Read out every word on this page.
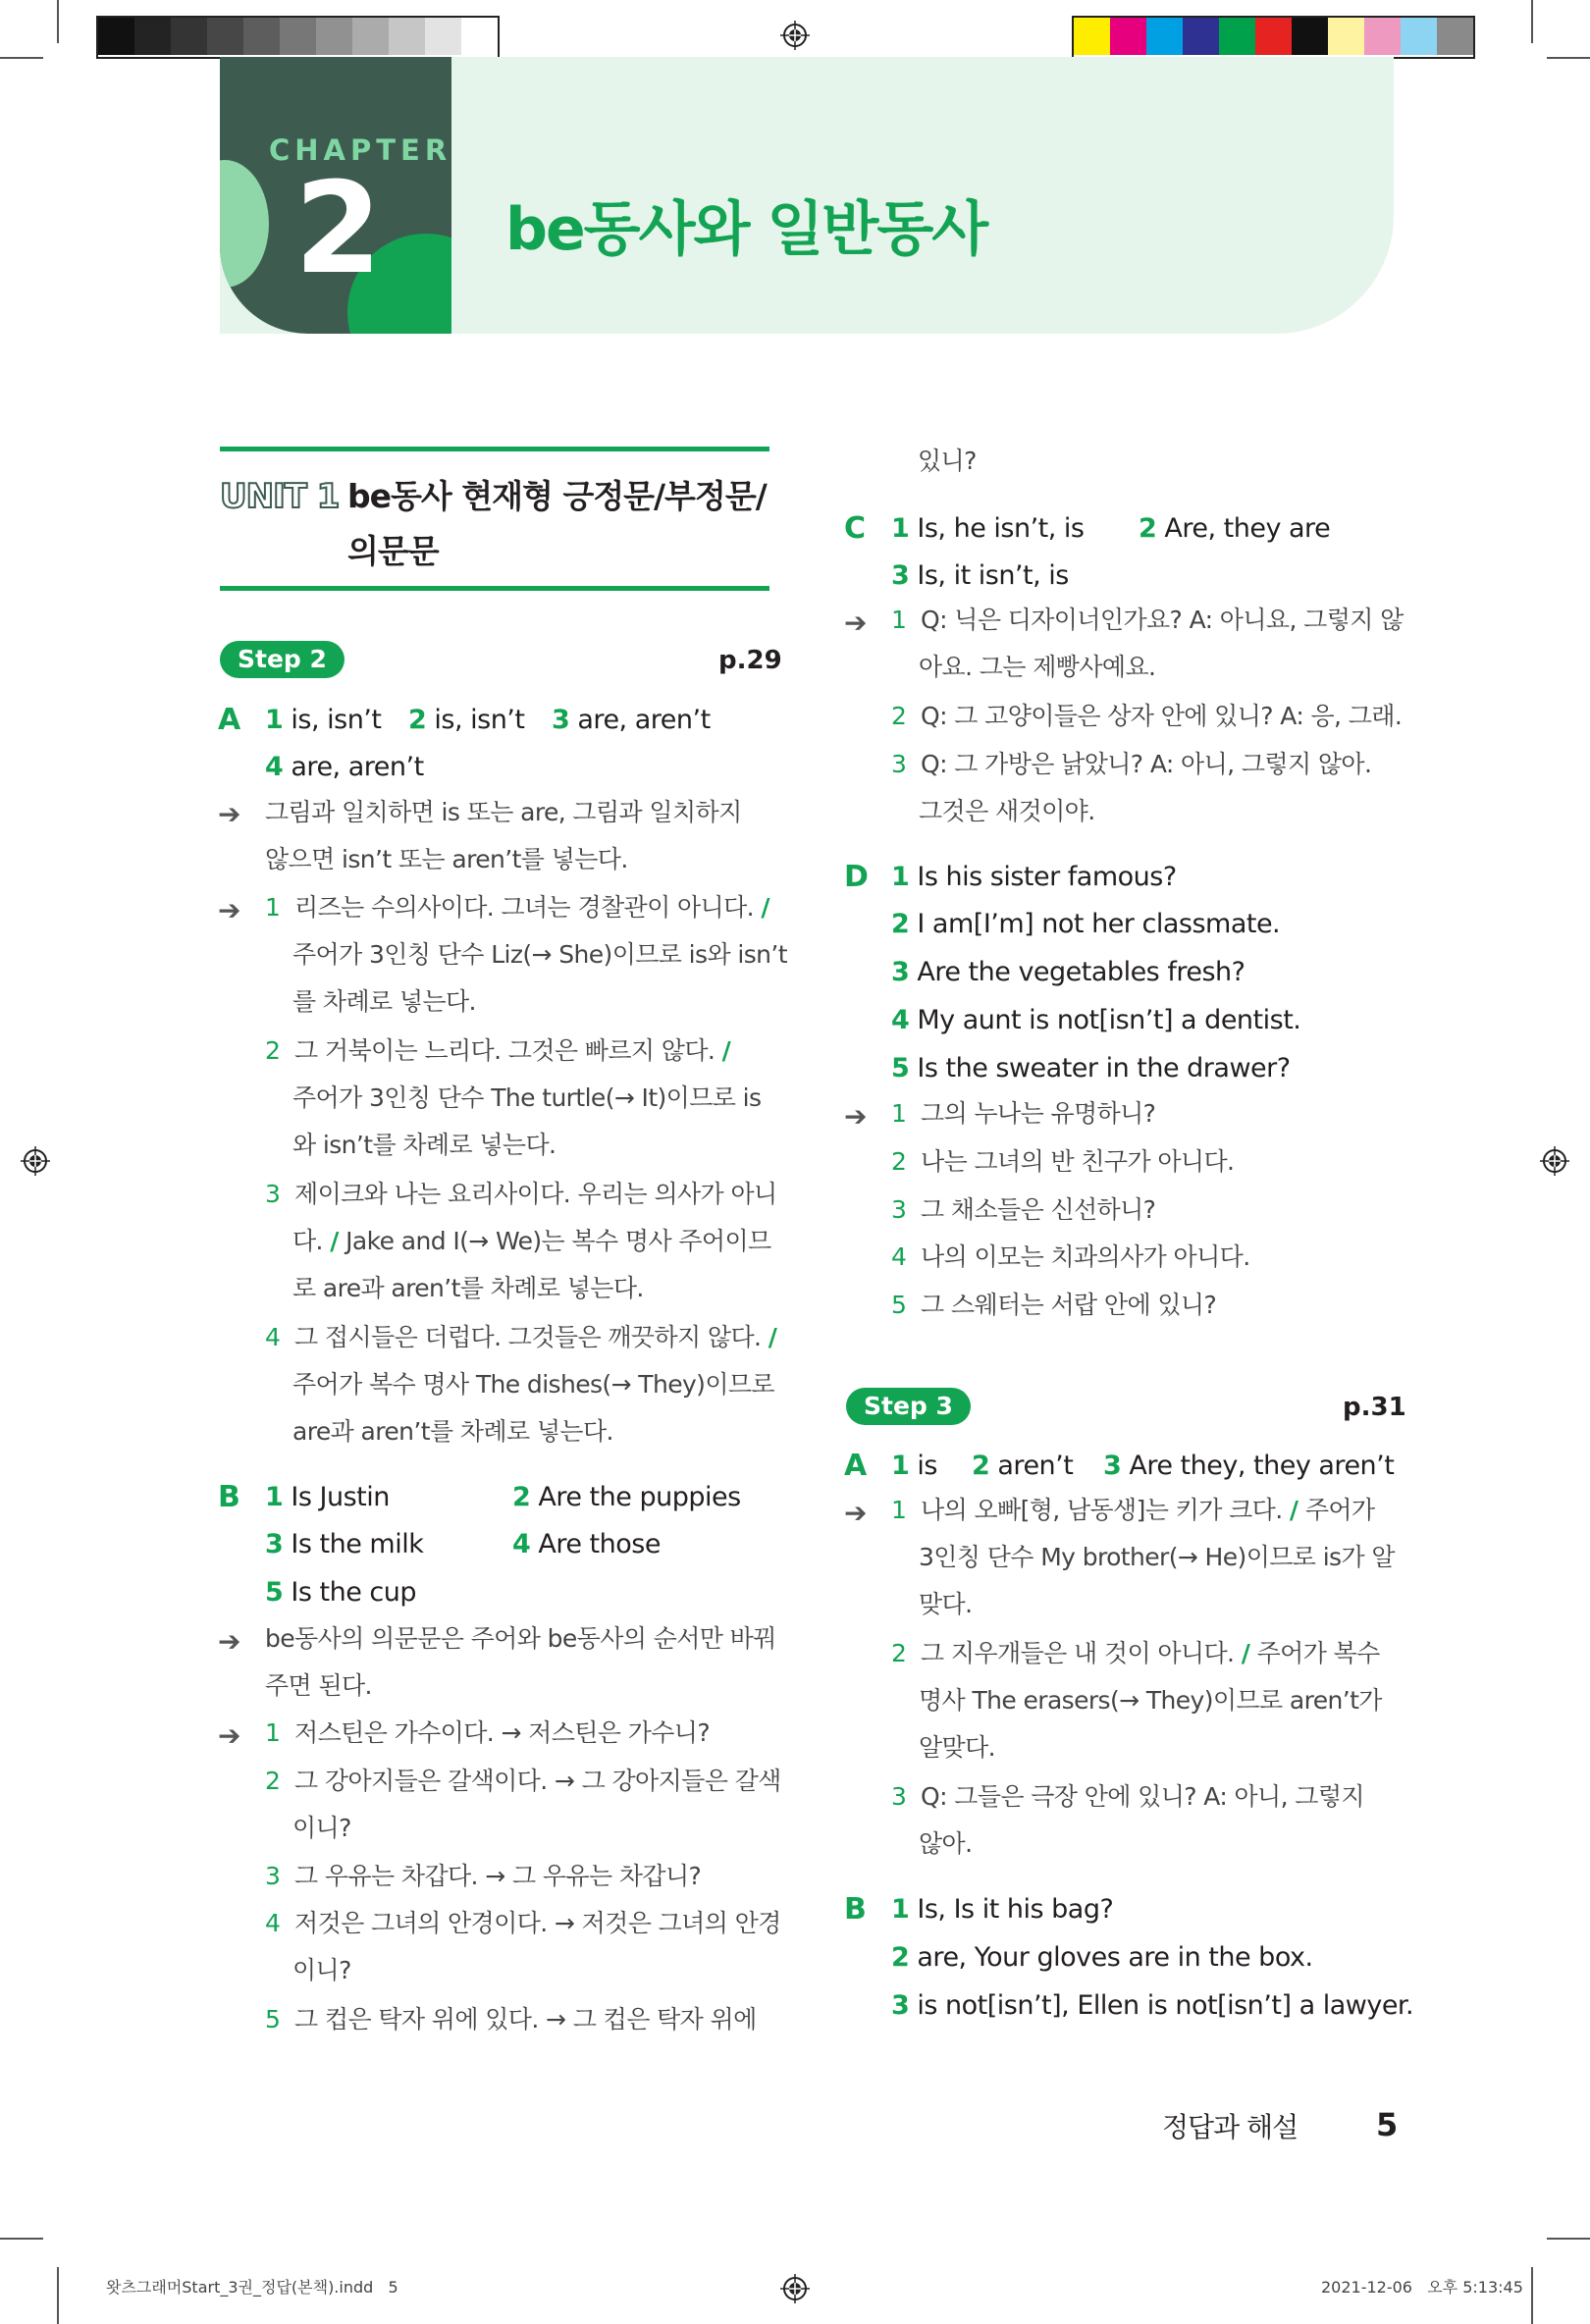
CHAPTER
2 be동사와 일반동사
UNIT 1 be동사 현재형 긍정문/부정문/
의문문
Step 2	p.29
A 1 is, isn’t 2 is, isn’t 3 are, aren’t
4 are, aren’t
➔ 그림과 일치하면 is 또는 are, 그림과 일치하지
않으면 isn’t 또는 aren’t를 넣는다.
➔ 1 리즈는 수의사이다. 그녀는 경찰관이 아니다. /
주어가 3인칭 단수 Liz(→ She)이므로 is와 isn’t
를 차례로 넣는다.
2 그 거북이는 느리다. 그것은 빠르지 않다. /
주어가 3인칭 단수 The turtle(→ It)이므로 is
와 isn’t를 차례로 넣는다.
3 제이크와 나는 요리사이다. 우리는 의사가 아니
다. / Jake and I(→ We)는 복수 명사 주어이므
로 are과 aren’t를 차례로 넣는다.
4 그 접시들은 더럽다. 그것들은 깨끗하지 않다. /
주어가 복수 명사 The dishes(→ They)이므로
are과 aren’t를 차례로 넣는다.
B 1 Is Justin	2 Are the puppies
3 Is the milk	4 Are those
5 Is the cup
➔ be동사의 의문문은 주어와 be동사의 순서만 바꿔
주면 된다.
➔ 1 저스틴은 가수이다. → 저스틴은 가수니?
2 그 강아지들은 갈색이다. → 그 강아지들은 갈색
이니?
3 그 우유는 차갑다. → 그 우유는 차갑니?
4 저것은 그녀의 안경이다. → 저것은 그녀의 안경
이니?
5 그 컵은 탁자 위에 있다. → 그 컵은 탁자 위에
있니?
C 1 Is, he isn’t, is 2 Are, they are
3 Is, it isn’t, is
➔ 1 Q: 닉은 디자이너인가요? A: 아니요, 그렇지 않
아요. 그는 제빵사예요.
2 Q: 그 고양이들은 상자 안에 있니? A: 응, 그래.
3 Q: 그 가방은 낡았니? A: 아니, 그렇지 않아.
그것은 새것이야.
D 1 Is his sister famous?
2 I am[I’m] not her classmate.
3 Are the vegetables fresh?
4 My aunt is not[isn’t] a dentist.
5 Is the sweater in the drawer?
➔ 1 그의 누나는 유명하니?
2 나는 그녀의 반 친구가 아니다.
3 그 채소들은 신선하니?
4 나의 이모는 치과의사가 아니다.
5 그 스웨터는 서랍 안에 있니?
Step 3	p.31
A 1 is 2 aren’t 3 Are they, they aren’t
➔ 1 나의 오빠[형, 남동생]는 키가 크다. / 주어가
3인칭 단수 My brother(→ He)이므로 is가 알
맞다.
2 그 지우개들은 내 것이 아니다. / 주어가 복수
명사 The erasers(→ They)이므로 aren’t가
알맞다.
3 Q: 그들은 극장 안에 있니? A: 아니, 그렇지
않아.
B 1 Is, Is it his bag?
2 are, Your gloves are in the box.
3 is not[isn’t], Ellen is not[isn’t] a lawyer.
정답과 해설 5
왓츠그래머Start_3권_정답(본책).indd   5	2021-12-06   오후 5:13:45
